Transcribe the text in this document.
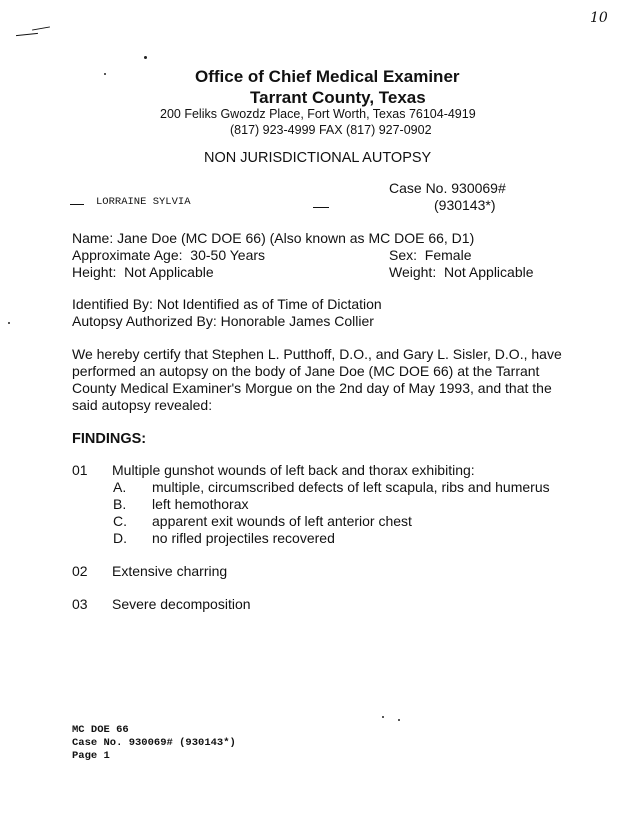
10
Office of Chief Medical Examiner
Tarrant County, Texas
200 Feliks Gwozdz Place, Fort Worth, Texas 76104-4919
(817) 923-4999 FAX (817) 927-0902
NON JURISDICTIONAL AUTOPSY
Case No. 930069#
(930143*)
LORRAINE SYLVIA
Name: Jane Doe (MC DOE 66) (Also known as MC DOE 66, D1)
Approximate Age: 30-50 Years	Sex: Female
Height: Not Applicable	Weight: Not Applicable
Identified By: Not Identified as of Time of Dictation
Autopsy Authorized By: Honorable James Collier
We hereby certify that Stephen L. Putthoff, D.O., and Gary L. Sisler, D.O., have
performed an autopsy on the body of Jane Doe (MC DOE 66) at the Tarrant
County Medical Examiner's Morgue on the 2nd day of May 1993, and that the
said autopsy revealed:
FINDINGS:
01 Multiple gunshot wounds of left back and thorax exhibiting:
A. multiple, circumscribed defects of left scapula, ribs and humerus
B. left hemothorax
C. apparent exit wounds of left anterior chest
D. no rifled projectiles recovered
02 Extensive charring
03 Severe decomposition
MC DOE 66
Case No. 930069# (930143*)
Page 1
